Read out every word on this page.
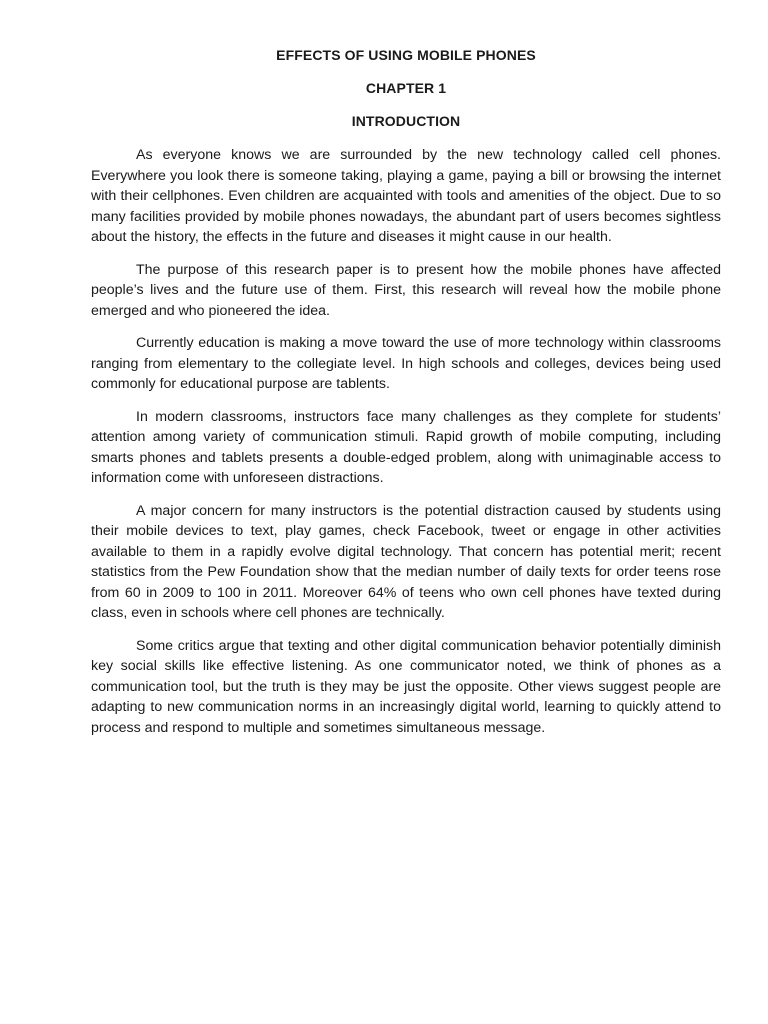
EFFECTS OF USING MOBILE PHONES

CHAPTER 1

INTRODUCTION

As everyone knows we are surrounded by the new technology called cell phones. Everywhere you look there is someone taking, playing a game, paying a bill or browsing the internet with their cellphones. Even children are acquainted with tools and amenities of the object. Due to so many facilities provided by mobile phones nowadays, the abundant part of users becomes sightless about the history, the effects in the future and diseases it might cause in our health.

The purpose of this research paper is to present how the mobile phones have affected people’s lives and the future use of them. First, this research will reveal how the mobile phone emerged and who pioneered the idea.

Currently education is making a move toward the use of more technology within classrooms ranging from elementary to the collegiate level. In high schools and colleges, devices being used commonly for educational purpose are tablents.

In modern classrooms, instructors face many challenges as they complete for students’ attention among variety of communication stimuli. Rapid growth of mobile computing, including smarts phones and tablets presents a double-edged problem, along with unimaginable access to information come with unforeseen distractions.

A major concern for many instructors is the potential distraction caused by students using their mobile devices to text, play games, check Facebook, tweet or engage in other activities available to them in a rapidly evolve digital technology. That concern has potential merit; recent statistics from the Pew Foundation show that the median number of daily texts for order teens rose from 60 in 2009 to 100 in 2011. Moreover 64% of teens who own cell phones have texted during class, even in schools where cell phones are technically.

Some critics argue that texting and other digital communication behavior potentially diminish key social skills like effective listening. As one communicator noted, we think of phones as a communication tool, but the truth is they may be just the opposite. Other views suggest people are adapting to new communication norms in an increasingly digital world, learning to quickly attend to process and respond to multiple and sometimes simultaneous message.
